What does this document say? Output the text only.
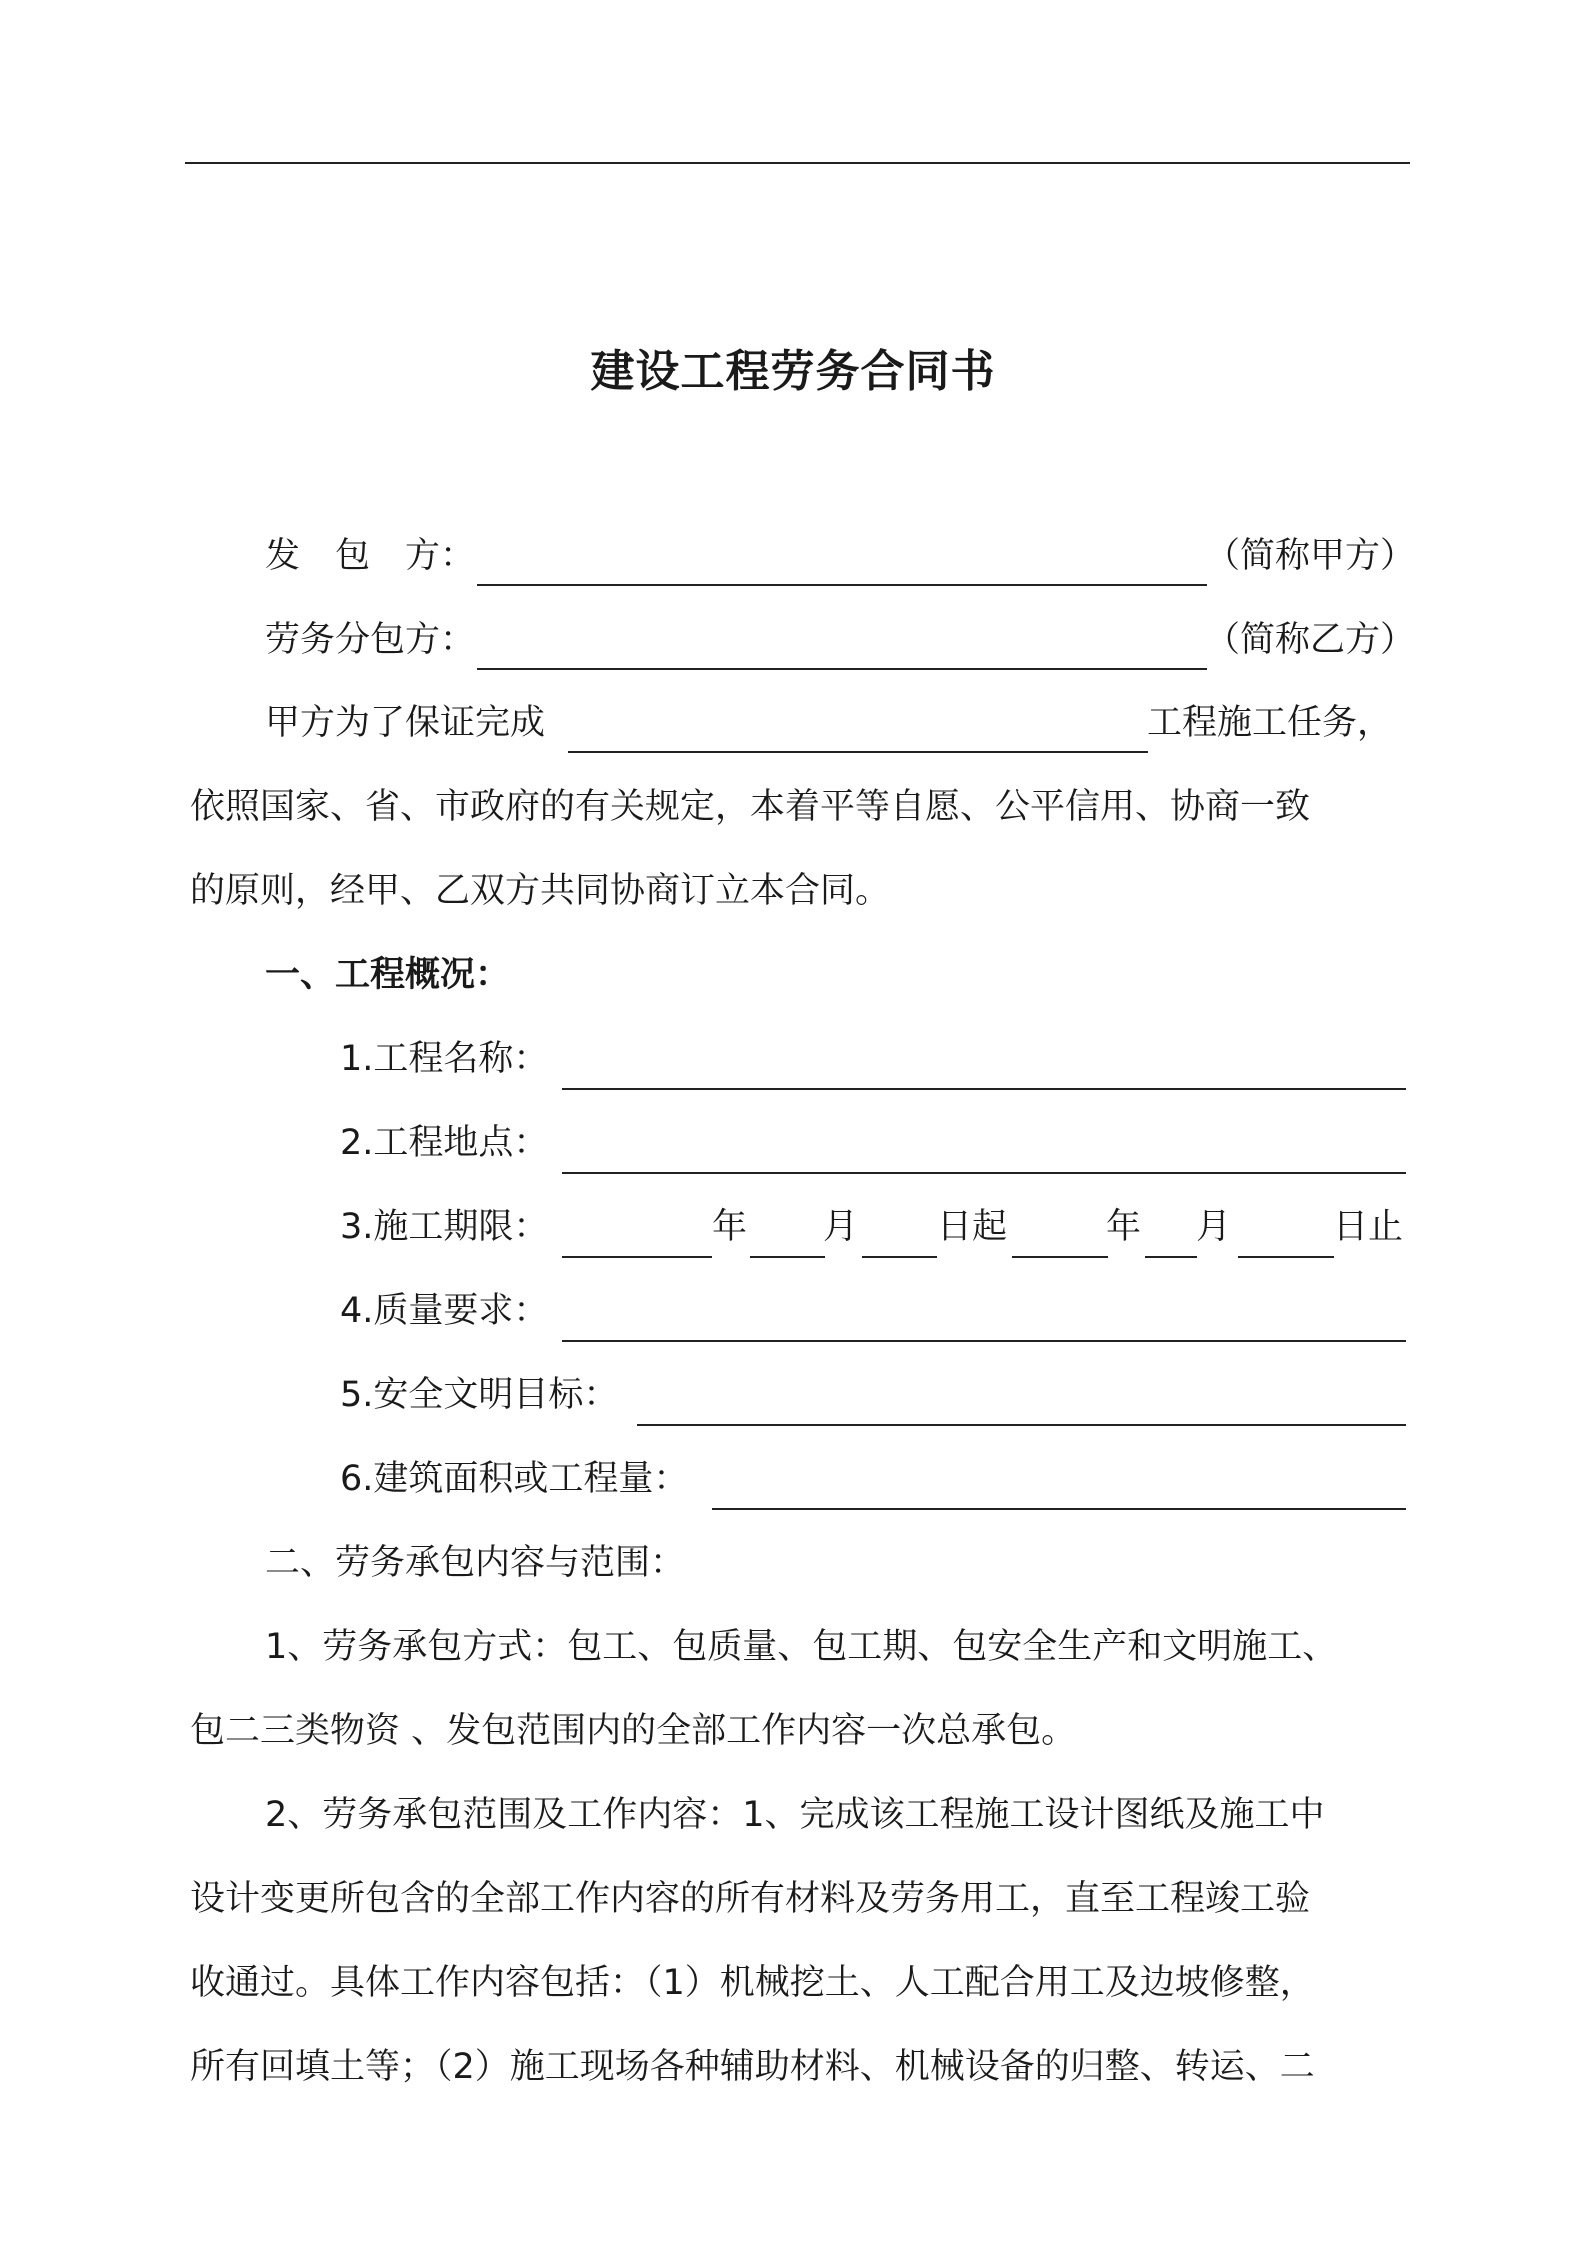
建设工程劳务合同书
发　包　方：	（简称甲方）
劳务分包方：	（简称乙方）
甲方为了保证完成	工程施工任务，
依照国家、省、市政府的有关规定，本着平等自愿、公平信用、协商一致
的原则，经甲、乙双方共同协商订立本合同。
一、工程概况：
1.工程名称：
2.工程地点：
3.施工期限：	年 月 日起	年 月	日止
4.质量要求：
5.安全文明目标：
6.建筑面积或工程量：
二、劳务承包内容与范围：
1、劳务承包方式：包工、包质量、包工期、包安全生产和文明施工、
包二三类物资 、发包范围内的全部工作内容一次总承包。
2、劳务承包范围及工作内容：1、完成该工程施工设计图纸及施工中
设计变更所包含的全部工作内容的所有材料及劳务用工，直至工程竣工验
收通过。具体工作内容包括：（1）机械挖土、人工配合用工及边坡修整，
所有回填土等；（2）施工现场各种辅助材料、机械设备的归整、转运、二
